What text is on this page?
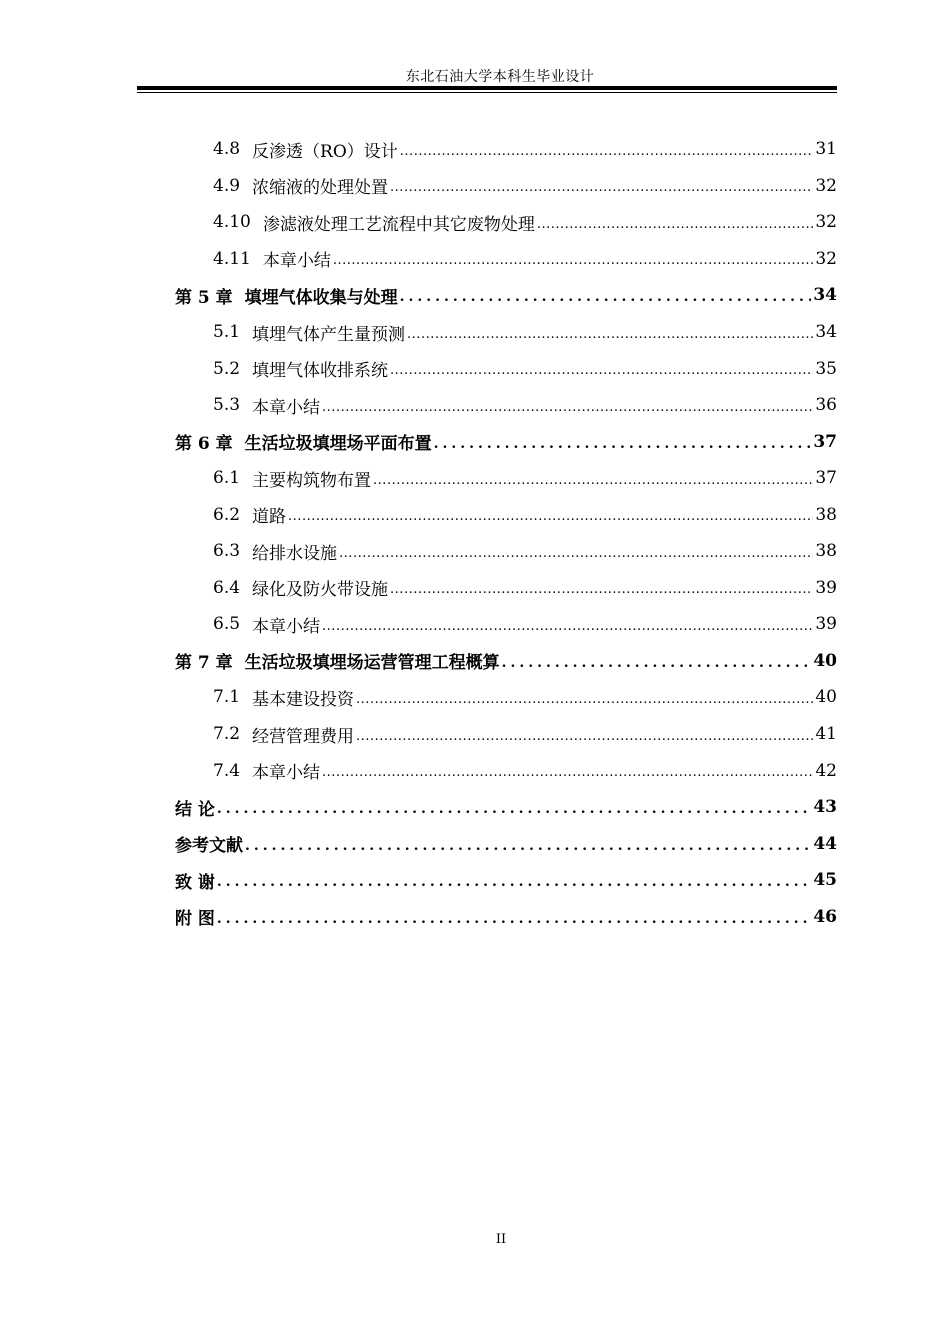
东北石油大学本科生毕业设计
4.8 反渗透（RO）设计 .....	31
4.9 浓缩液的处理处置 .....	32
4.10 渗滤液处理工艺流程中其它废物处理 .....	32
4.11 本章小结 .....	32
第 5 章 填埋气体收集与处理 .....	34
5.1 填埋气体产生量预测 .....	34
5.2 填埋气体收排系统 .....	35
5.3 本章小结 .....	36
第 6 章 生活垃圾填埋场平面布置 .....	37
6.1 主要构筑物布置 .....	37
6.2 道路 .....	38
6.3 给排水设施 .....	38
6.4 绿化及防火带设施 .....	39
6.5 本章小结 .....	39
第 7 章 生活垃圾填埋场运营管理工程概算 .....	40
7.1 基本建设投资 .....	40
7.2 经营管理费用 .....	41
7.4 本章小结 .....	42
结 论 .....	43
参考文献 .....	44
致 谢 .....	45
附 图 .....	46
II
